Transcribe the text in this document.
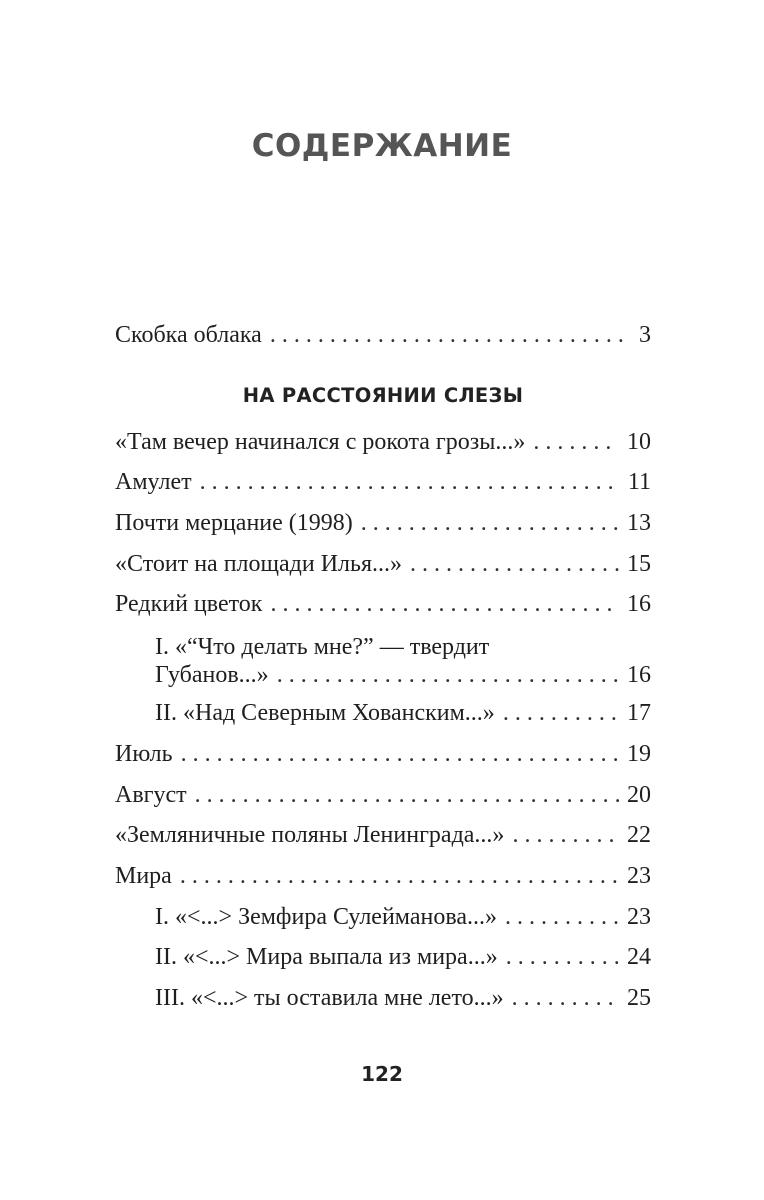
СОДЕРЖАНИЕ
Скобка облака . . .	3
НА РАССТОЯНИИ СЛЕЗЫ
«Там вечер начинался с рокота грозы...» . . .	10
Амулет . . .	11
Почти мерцание (1998) . . .	13
«Стоит на площади Илья...» . . .	15
Редкий цветок . . .	16
I. «“Что делать мне?” — твердит
Губанов...» . . .	16
II. «Над Северным Хованским...» . . .	17
Июль . . .	19
Август . . .	20
«Земляничные поляны Ленинграда...» . . .	22
Мира . . .	23
I. «<...> Земфира Сулейманова...» . . .	23
II. «<...> Мира выпала из мира...» . . .	24
III. «<...> ты оставила мне лето...» . . .	25
122
